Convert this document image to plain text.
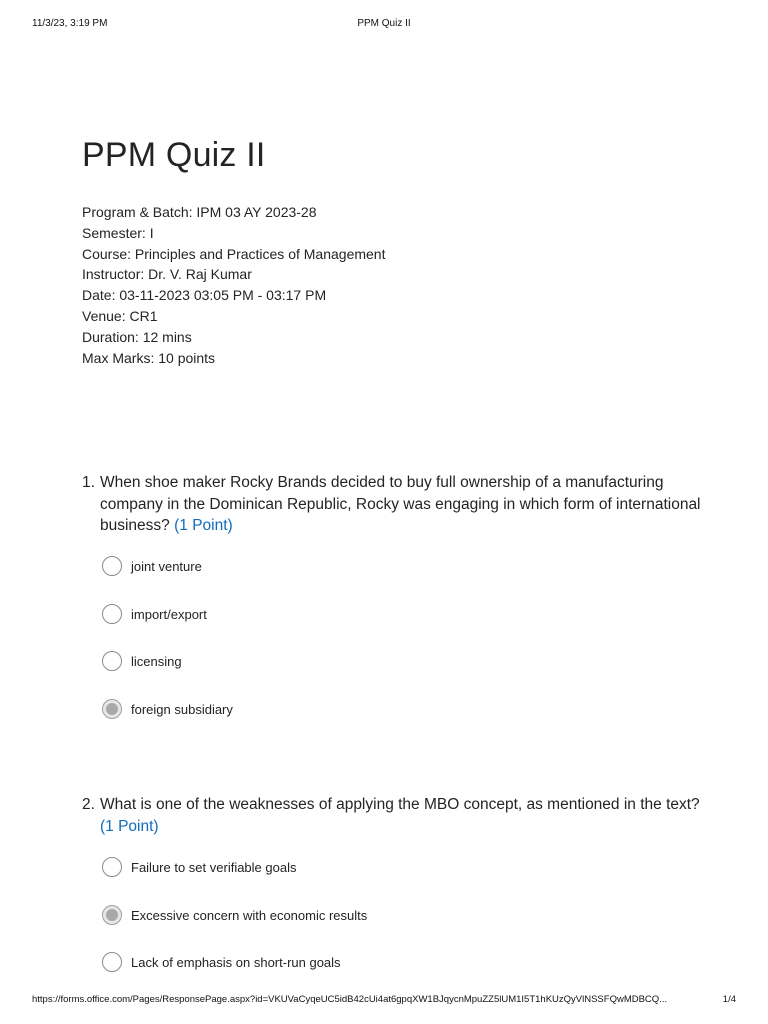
11/3/23, 3:19 PM	PPM Quiz II
PPM Quiz II
Program & Batch: IPM 03 AY 2023-28
Semester: I
Course: Principles and Practices of Management
Instructor: Dr. V. Raj Kumar
Date: 03-11-2023 03:05 PM - 03:17 PM
Venue: CR1
Duration: 12 mins
Max Marks: 10 points
1. When shoe maker Rocky Brands decided to buy full ownership of a manufacturing company in the Dominican Republic, Rocky was engaging in which form of international business? (1 Point)
joint venture
import/export
licensing
foreign subsidiary
2. What is one of the weaknesses of applying the MBO concept, as mentioned in the text? (1 Point)
Failure to set verifiable goals
Excessive concern with economic results
Lack of emphasis on short-run goals
https://forms.office.com/Pages/ResponsePage.aspx?id=VKUVaCyqeUC5idB42cUi4at6gpqXW1BJqycnMpuZZ5lUM1I5T1hKUzQyVlNSSFQwMDBCQ...	1/4
